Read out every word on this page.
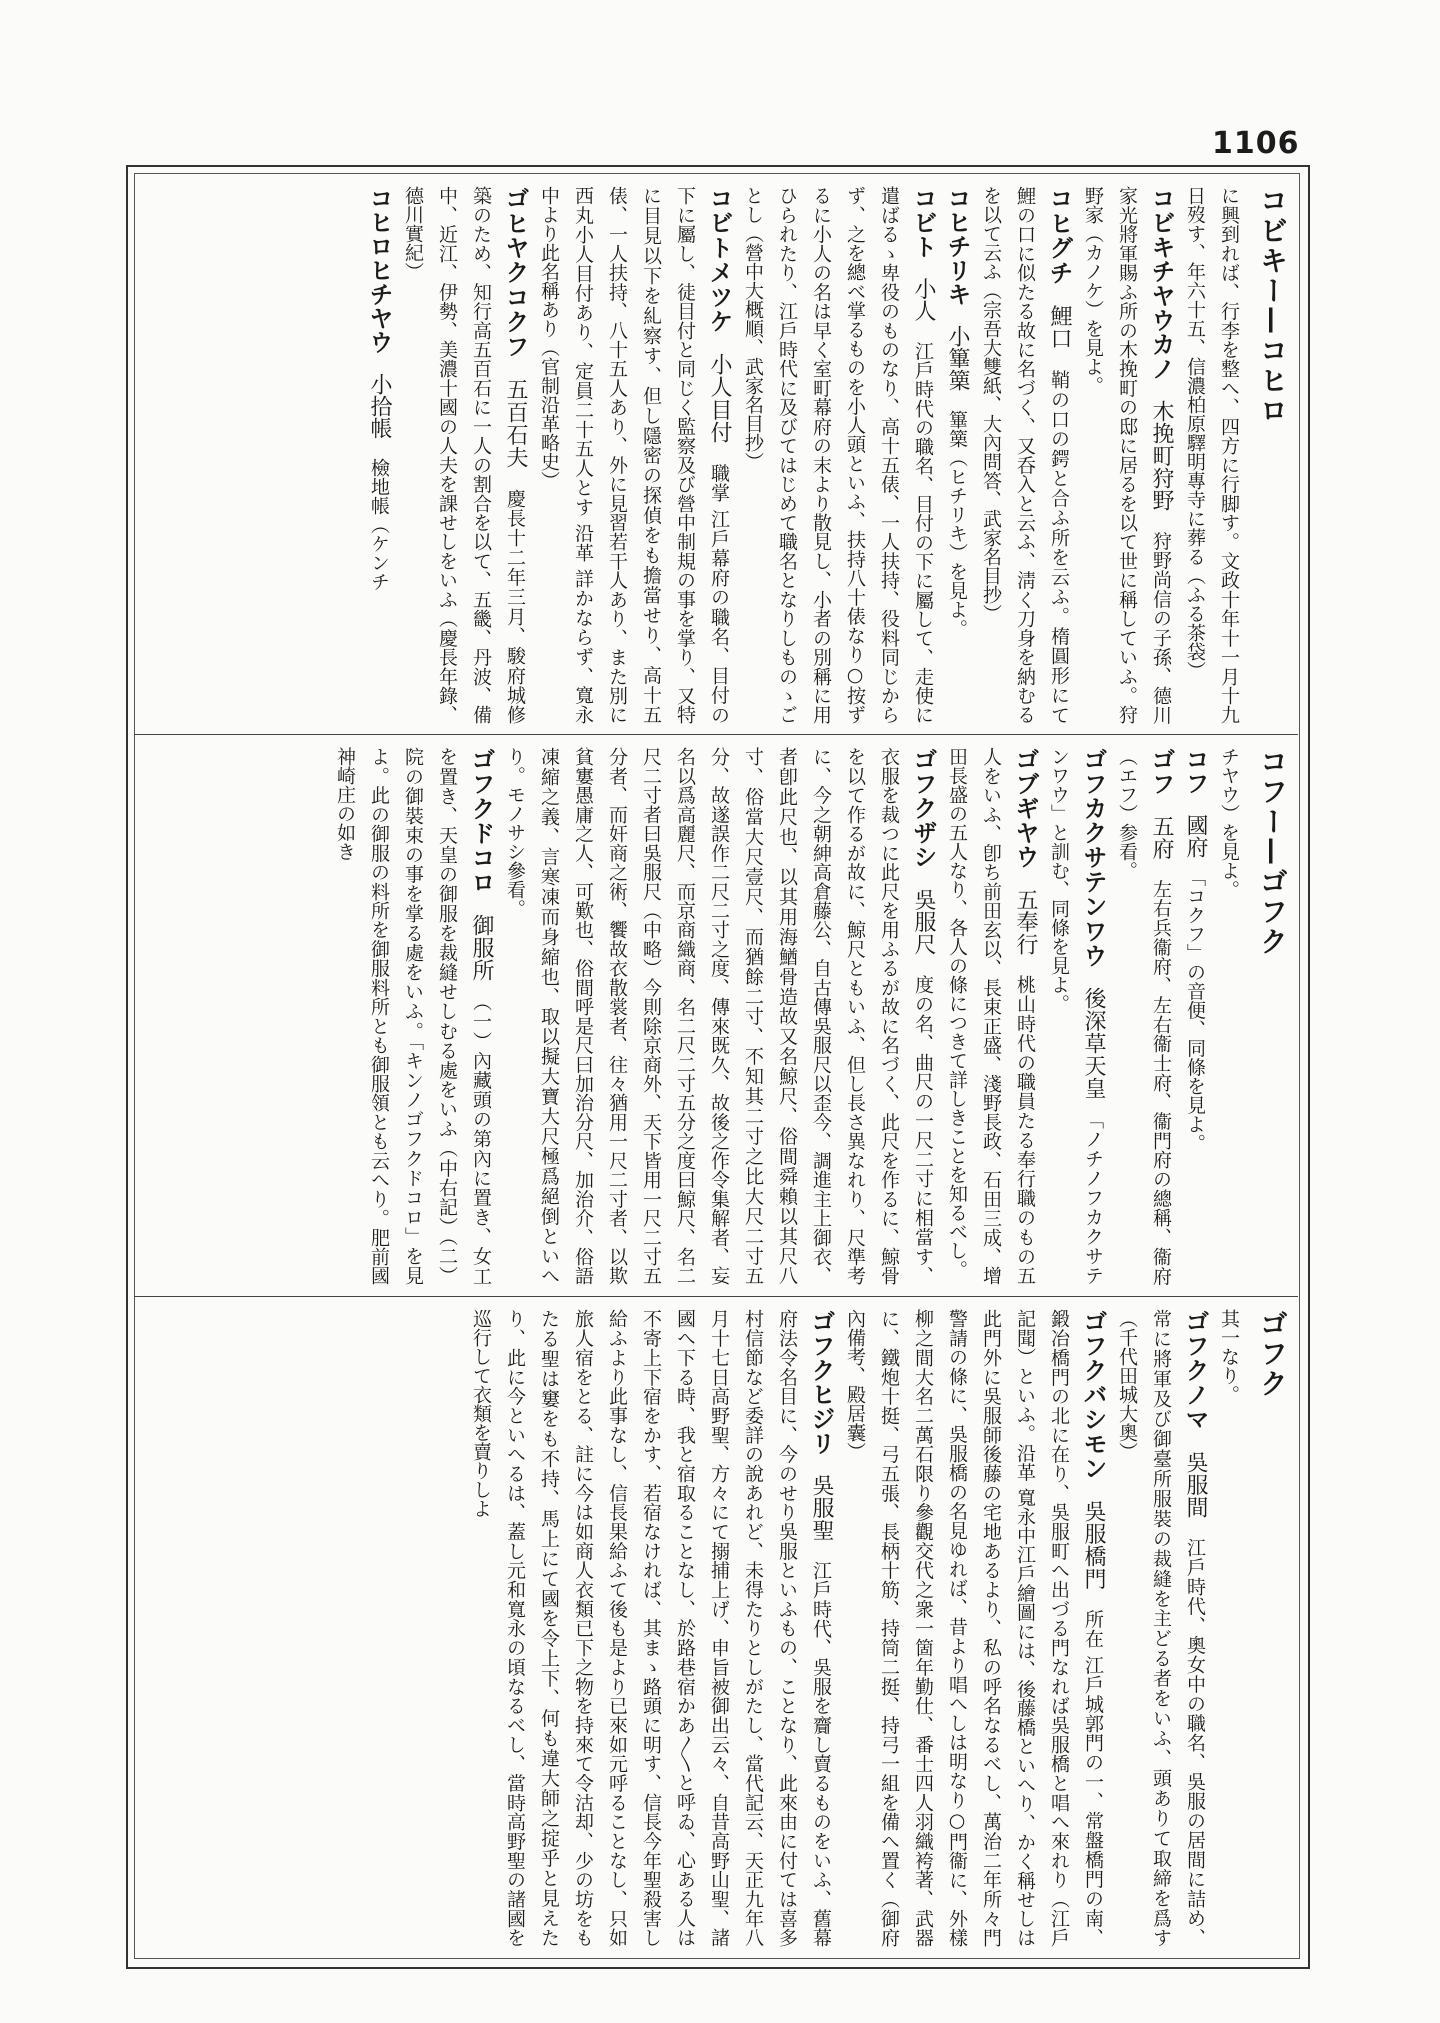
1106
コビキー—コヒロ

に興到れば、行李を整へ、四方に行脚す。文政十年十一月十九日歿す、年六十五、信濃柏原驛明專寺に葬る（ふる茶袋）

コビキチヤウカノ　木挽町狩野　狩野尚信の子孫、德川家光將軍賜ふ所の木挽町の邸に居るを以て世に稱していふ。狩野家（カノケ）を見よ。

コヒグチ　鯉口　鞘の口の鍔と合ふ所を云ふ。楕圓形にて鯉の口に似たる故に名づく、又呑入と云ふ、淸く刀身を納むるを以て云ふ（宗吾大雙紙、大內問答、武家名目抄）

コヒチリキ　小篳篥　篳篥（ヒチリキ）を見よ。

コビト　小人　江戶時代の職名、目付の下に屬して、走使に遣ばるゝ卑役のものなり、高十五俵、一人扶持、役料同じからず、之を總べ掌るものを小人頭といふ、扶持八十俵なり○按ずるに小人の名は早く室町幕府の末より散見し、小者の別稱に用ひられたり、江戶時代に及びてはじめて職名となりしものゝごとし（營中大概順、武家名目抄）

コビトメツケ　小人目付　職掌 江戶幕府の職名、目付の下に屬し、徒目付と同じく監察及び營中制規の事を掌り、又特に目見以下を糺察す、但し隱密の探偵をも擔當せり、高十五俵、一人扶持、八十五人あり、外に見習若干人あり、また別に西丸小人目付あり、定員二十五人とす 沿革 詳かならず、寬永中より此名稱あり（官制沿革略史）

ゴヒヤクコクフ　五百石夫　慶長十二年三月、駿府城修築のため、知行高五百石に一人の割合を以て、五畿、丹波、備中、近江、伊勢、美濃十國の人夫を課せしをいふ（慶長年錄、德川實紀）

コヒロヒチヤウ　小拾帳　檢地帳（ケンチ

コフー—ゴフク

チヤウ）を見よ。

コフ　國府　「コクフ」の音便、同條を見よ。

ゴフ　五府　左右兵衞府、左右衞士府、衞門府の總稱、衞府（エフ）参看。

ゴフカクサテンワウ　後深草天皇　「ノチノフカクサテンワウ」と訓む、同條を見よ。

ゴブギヤウ　五奉行　桃山時代の職員たる奉行職のもの五人をいふ、卽ち前田玄以、長束正盛、淺野長政、石田三成、增田長盛の五人なり、各人の條につきて詳しきことを知るべし。

ゴフクザシ　吳服尺　度の名、曲尺の一尺二寸に相當す、衣服を裁つに此尺を用ふるが故に名づく、此尺を作るに、鯨骨を以て作るが故に、鯨尺ともいふ、但し長さ異なれり、尺準考に、今之朝紳高倉藤公、自古傳吳服尺以歪今、調進主上御衣、者卽此尺也、以其用海鰌骨造故又名鯨尺、俗間舜賴以其尺八寸、俗當大尺壹尺、而猶餘二寸、不知其二寸之比大尺二寸五分、故遂誤作二尺二寸之度、傳來既久、故後之作令集解者、妄名以爲高麗尺、而京商織商、名二尺二寸五分之度曰鯨尺、名二尺二寸者曰吳服尺（中略）今則除京商外、天下皆用一尺二寸五分者、而奸商之術、饗故衣散裳者、往々猶用一尺二寸者、以欺貧寠愚庸之人、可歎也、俗間呼是尺曰加治分尺、加治介、俗語凍縮之義、言寒凍而身縮也、取以擬大寶大尺極爲絕倒といへり。モノサシ參看。

ゴフクドコロ　御服所　（一）內藏頭の第內に置き、女工を置き、天皇の御服を裁縫せしむる處をいふ（中右記）（二）院の御裝束の事を掌る處をいふ。「キンノゴフクドコロ」を見よ。此の御服の料所を御服料所とも御服領とも云へり。肥前國神崎庄の如き

ゴフク

其一なり。

ゴフクノマ　吳服間　江戶時代、奧女中の職名、吳服の居間に詰め、常に將軍及び御臺所服裝の裁縫を主どる者をいふ、頭ありて取締を爲す（千代田城大奧）

ゴフクバシモン　吳服橋門　所在 江戶城郭門の一、常盤橋門の南、鍛冶橋門の北に在り、吳服町へ出づる門なれば吳服橋と唱へ來れり（江戶記聞）といふ。沿革 寬永中江戶繪圖には、後藤橋といへり、かく稱せしは此門外に吳服師後藤の宅地あるより、私の呼名なるべし、萬治二年所々門警請の條に、吳服橋の名見ゆれば、昔より唱へしは明なり○門衞に、外樣柳之間大名二萬石限り參觀交代之衆一箇年勤仕、番士四人羽織袴著、武器に、鐵炮十挺、弓五張、長柄十筋、持筒二挺、持弓一組を備へ置く（御府內備考、殿居囊）

ゴフクヒジリ　吳服聖　江戶時代、吳服を齎し賣るものをいふ、舊幕府法令名目に、今のせり吳服といふもの、ことなり、此來由に付ては喜多村信節など委詳の說あれど、未得たりとしがたし、當代記云、天正九年八月十七日高野聖、方々にて搦捕上げ、申旨被御出云々、自昔高野山聖、諸國へ下る時、我と宿取ることなし、於路巷宿かあ〳〵と呼ゐ、心ある人は不寄上下宿をかす、若宿なければ、其まゝ路頭に明す、信長今年聖殺害し給ふより此事なし、信長果給ふて後も是より已來如元呼ることなし、只如旅人宿をとる、註に今は如商人衣類已下之物を持來て令沽却、少の坊をもたる聖は窶をも不持、馬上にて國を令上下、何も違大師之掟乎と見えたり、此に今といへるは、蓋し元和寬永の頃なるべし、當時高野聖の諸國を巡行して衣類を賣りしよ
